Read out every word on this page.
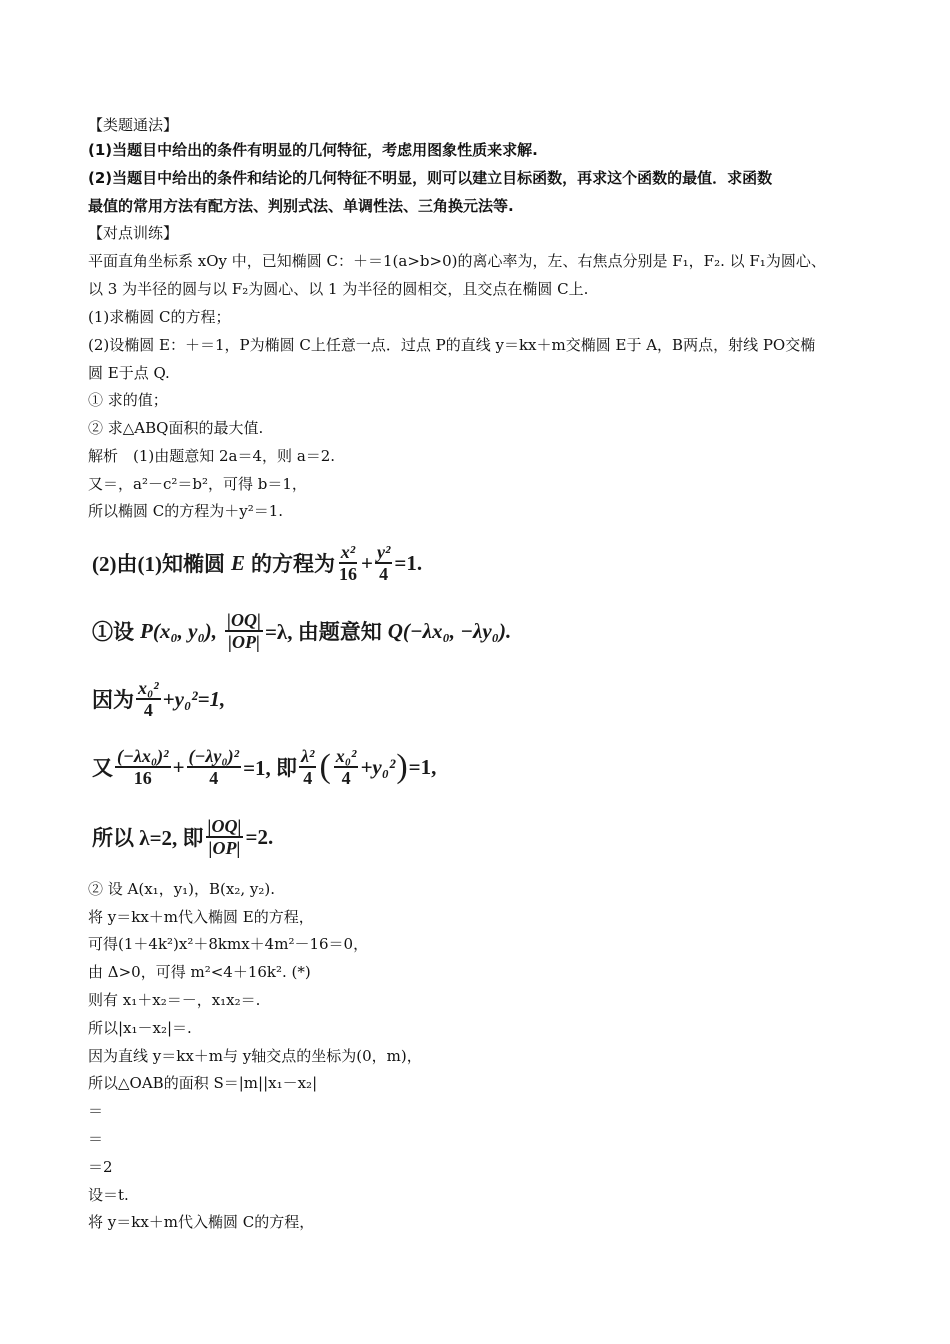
【类题通法】
(1)当题目中给出的条件有明显的几何特征，考虑用图象性质来求解.
(2)当题目中给出的条件和结论的几何特征不明显，则可以建立目标函数，再求这个函数的最值．求函数
最值的常用方法有配方法、判别式法、单调性法、三角换元法等.
【对点训练】
平面直角坐标系 xOy 中，已知椭圆 C：＋＝1(a>b>0)的离心率为，左、右焦点分别是 F₁，F₂. 以 F₁为圆心、
以 3 为半径的圆与以 F₂为圆心、以 1 为半径的圆相交，且交点在椭圆 C上.
(1)求椭圆 C的方程；
(2)设椭圆 E：＋＝1，P为椭圆 C上任意一点．过点 P的直线 y＝kx＋m交椭圆 E于 A，B两点，射线 PO交椭
圆 E于点 Q.
① 求的值；
② 求△ABQ面积的最大值.
解析　(1)由题意知 2a＝4，则 a＝2.
又＝，a²－c²＝b²，可得 b＝1，
所以椭圆 C的方程为＋y²＝1.
② 设 A(x₁，y₁)，B(x₂, y₂).
将 y＝kx＋m代入椭圆 E的方程，
可得(1＋4k²)x²＋8kmx＋4m²－16＝0，
由 Δ>0，可得 m²<4＋16k². (*)
则有 x₁＋x₂＝－，x₁x₂＝.
所以|x₁－x₂|＝.
因为直线 y＝kx＋m与 y轴交点的坐标为(0，m)，
所以△OAB的面积 S＝|m||x₁－x₂|
＝
＝
＝2
设＝t.
将 y＝kx＋m代入椭圆 C的方程，
(2)由(1)知椭圆 E 的方程为 $\frac{\text{x²}}{16} + \frac{\text{y²}}{4} =1$.
①设 P(x₀, y₀), $\frac{|OQ|}{|OP|} =\lambda$, 由题意知 Q(−λx₀, −λy₀).
因为 $\frac{\text{x₀²}}{4} +y_0^2=1$,
又 $\frac{\text{(−λx₀)²}}{16} + \frac{\text{(−λy₀)²}}{4} =1$, 即 $\frac{\text{λ²}}{4}$ ( $\frac{\text{x₀²}}{4} +y_0^2$ ) =1,
所以 λ=2, 即 $\frac{|OQ|}{|OP|} =2$.
